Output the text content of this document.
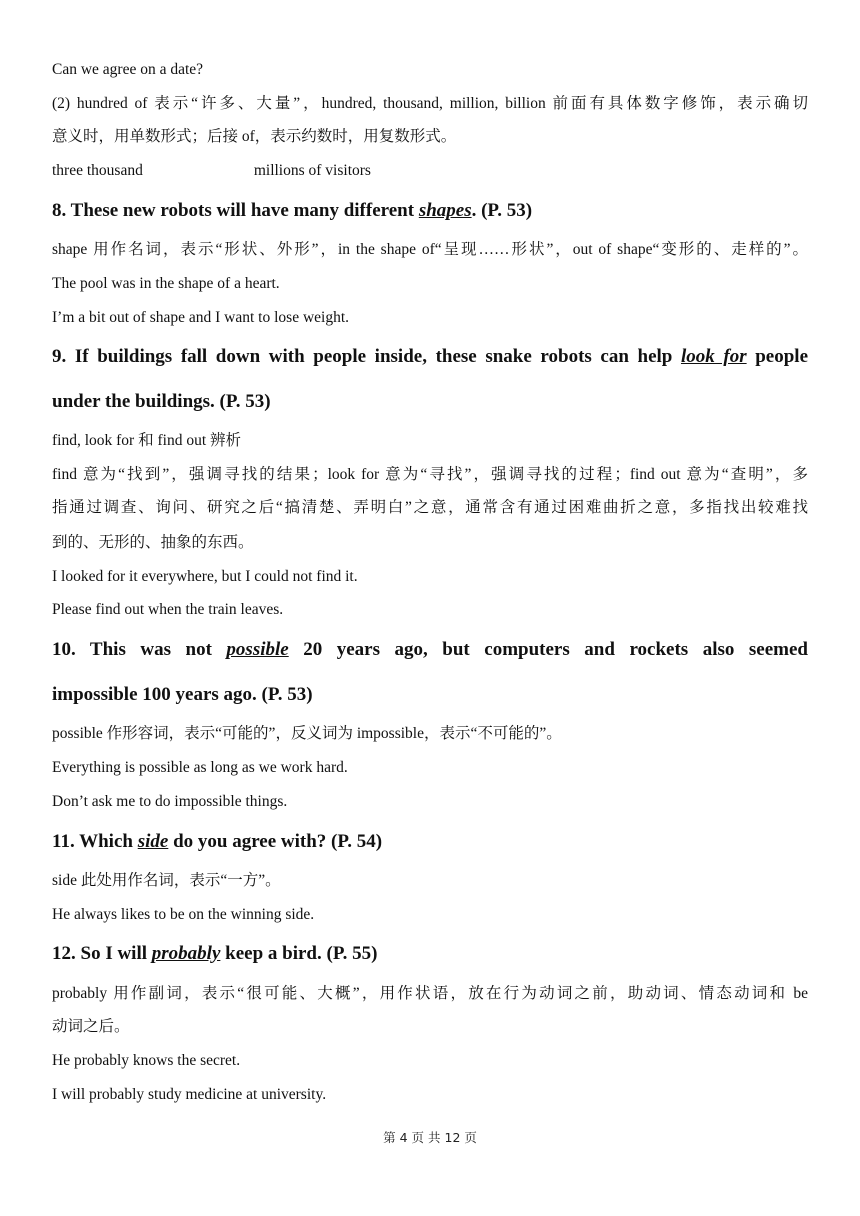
Can we agree on a date?
(2) hundred of 表示“许多、大量”，hundred, thousand, million, billion 前面有具体数字修饰，表示确切
意义时，用单数形式；后接 of，表示约数时，用复数形式。
three thousand	millions of visitors
8. These new robots will have many different shapes. (P. 53)
shape 用作名词，表示“形状、外形”，in the shape of“呈现……形状”，out of shape“变形的、走样的”。
The pool was in the shape of a heart.
I’m a bit out of shape and I want to lose weight.
9. If buildings fall down with people inside, these snake robots can help look for people
under the buildings. (P. 53)
find, look for 和 find out 辨析
find 意为“找到”，强调寻找的结果；look for 意为“寻找”，强调寻找的过程；find out 意为“查明”，多
指通过调查、询问、研究之后“搞清楚、弄明白”之意，通常含有通过困难曲折之意，多指找出较难找
到的、无形的、抽象的东西。
I looked for it everywhere, but I could not find it.
Please find out when the train leaves.
10. This was not possible 20 years ago, but computers and rockets also seemed
impossible 100 years ago. (P. 53)
possible 作形容词，表示“可能的”，反义词为 impossible，表示“不可能的”。
Everything is possible as long as we work hard.
Don’t ask me to do impossible things.
11. Which side do you agree with? (P. 54)
side 此处用作名词，表示“一方”。
He always likes to be on the winning side.
12. So I will probably keep a bird. (P. 55)
probably 用作副词，表示“很可能、大概”，用作状语，放在行为动词之前，助动词、情态动词和 be
动词之后。
He probably knows the secret.
I will probably study medicine at university.
第 4 页 共 12 页
